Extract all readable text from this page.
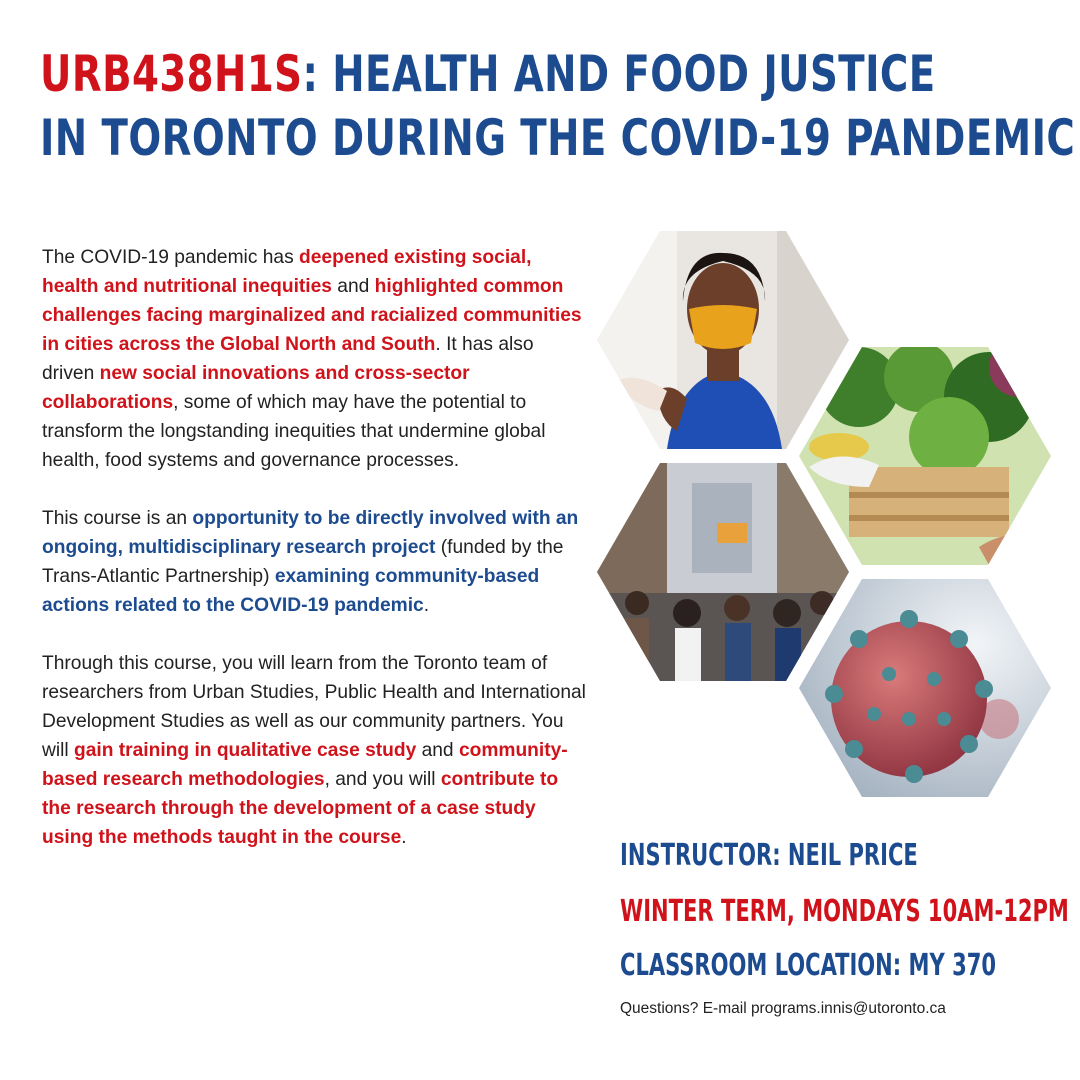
URB438H1S: HEALTH AND FOOD JUSTICE
IN TORONTO DURING THE COVID-19 PANDEMIC

The COVID-19 pandemic has deepened existing social, health and nutritional inequities and highlighted common challenges facing marginalized and racialized communities in cities across the Global North and South. It has also driven new social innovations and cross-sector collaborations, some of which may have the potential to transform the longstanding inequities that undermine global health, food systems and governance processes.

This course is an opportunity to be directly involved with an ongoing, multidisciplinary research project (funded by the Trans-Atlantic Partnership) examining community-based actions related to the COVID-19 pandemic.

Through this course, you will learn from the Toronto team of researchers from Urban Studies, Public Health and International Development Studies as well as our community partners. You will gain training in qualitative case study and community-based research methodologies, and you will contribute to the research through the development of a case study using the methods taught in the course.

INSTRUCTOR: NEIL PRICE
WINTER TERM, MONDAYS 10AM-12PM
CLASSROOM LOCATION: MY 370
Questions? E-mail programs.innis@utoronto.ca
